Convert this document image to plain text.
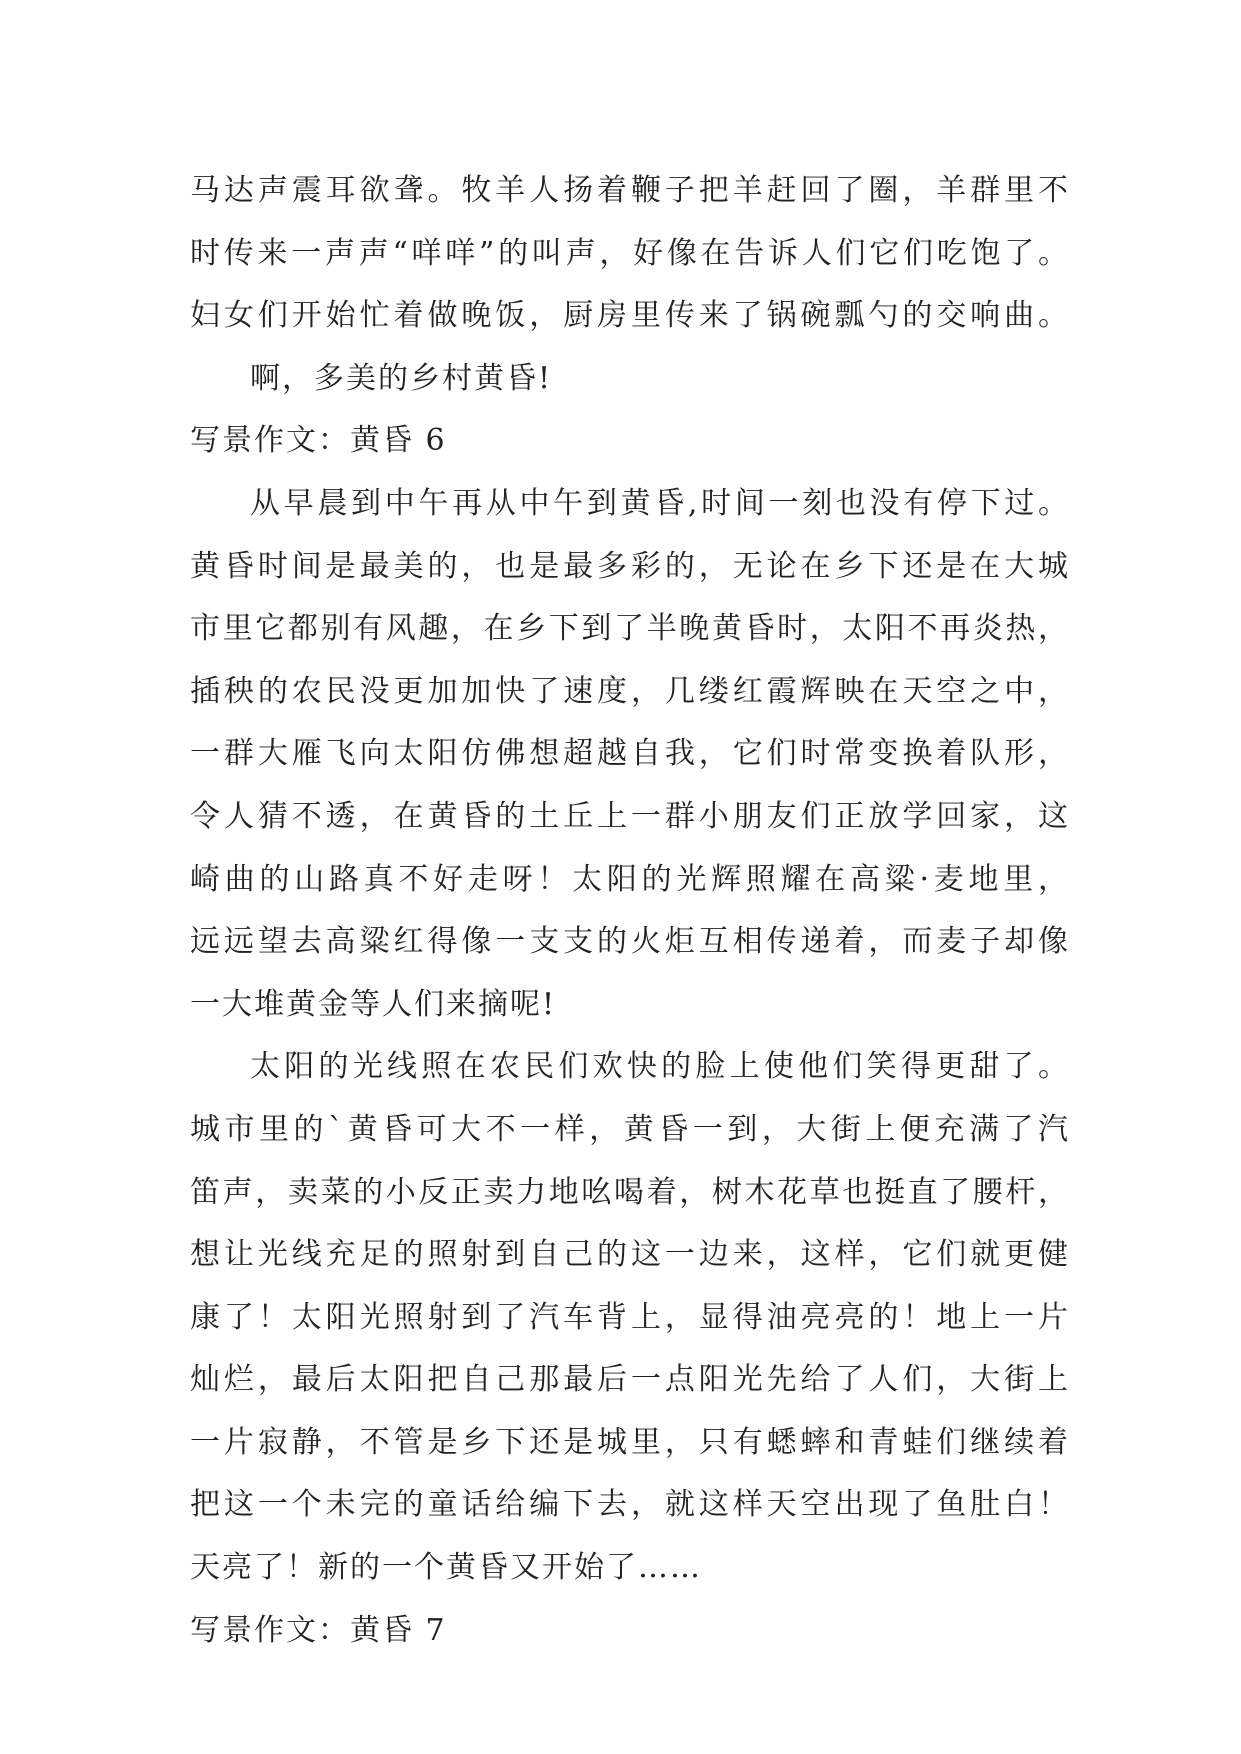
马达声震耳欲聋。牧羊人扬着鞭子把羊赶回了圈，羊群里不
时传来一声声“咩咩”的叫声，好像在告诉人们它们吃饱了。
妇女们开始忙着做晚饭，厨房里传来了锅碗瓢勺的交响曲。
啊，多美的乡村黄昏!
写景作文：黄昏 6
从早晨到中午再从中午到黄昏,时间一刻也没有停下过。
黄昏时间是最美的，也是最多彩的，无论在乡下还是在大城
市里它都别有风趣，在乡下到了半晚黄昏时，太阳不再炎热，
插秧的农民没更加加快了速度，几缕红霞辉映在天空之中，
一群大雁飞向太阳仿佛想超越自我，它们时常变换着队形，
令人猜不透，在黄昏的土丘上一群小朋友们正放学回家，这
崎曲的山路真不好走呀！太阳的光辉照耀在高粱·麦地里，
远远望去高粱红得像一支支的火炬互相传递着，而麦子却像
一大堆黄金等人们来摘呢!
太阳的光线照在农民们欢快的脸上使他们笑得更甜了。
城市里的`黄昏可大不一样，黄昏一到，大街上便充满了汽
笛声，卖菜的小反正卖力地吆喝着，树木花草也挺直了腰杆，
想让光线充足的照射到自己的这一边来，这样，它们就更健
康了！太阳光照射到了汽车背上，显得油亮亮的！地上一片
灿烂，最后太阳把自己那最后一点阳光先给了人们，大街上
一片寂静，不管是乡下还是城里，只有蟋蟀和青蛙们继续着
把这一个未完的童话给编下去，就这样天空出现了鱼肚白！
天亮了！新的一个黄昏又开始了……
写景作文：黄昏 7
